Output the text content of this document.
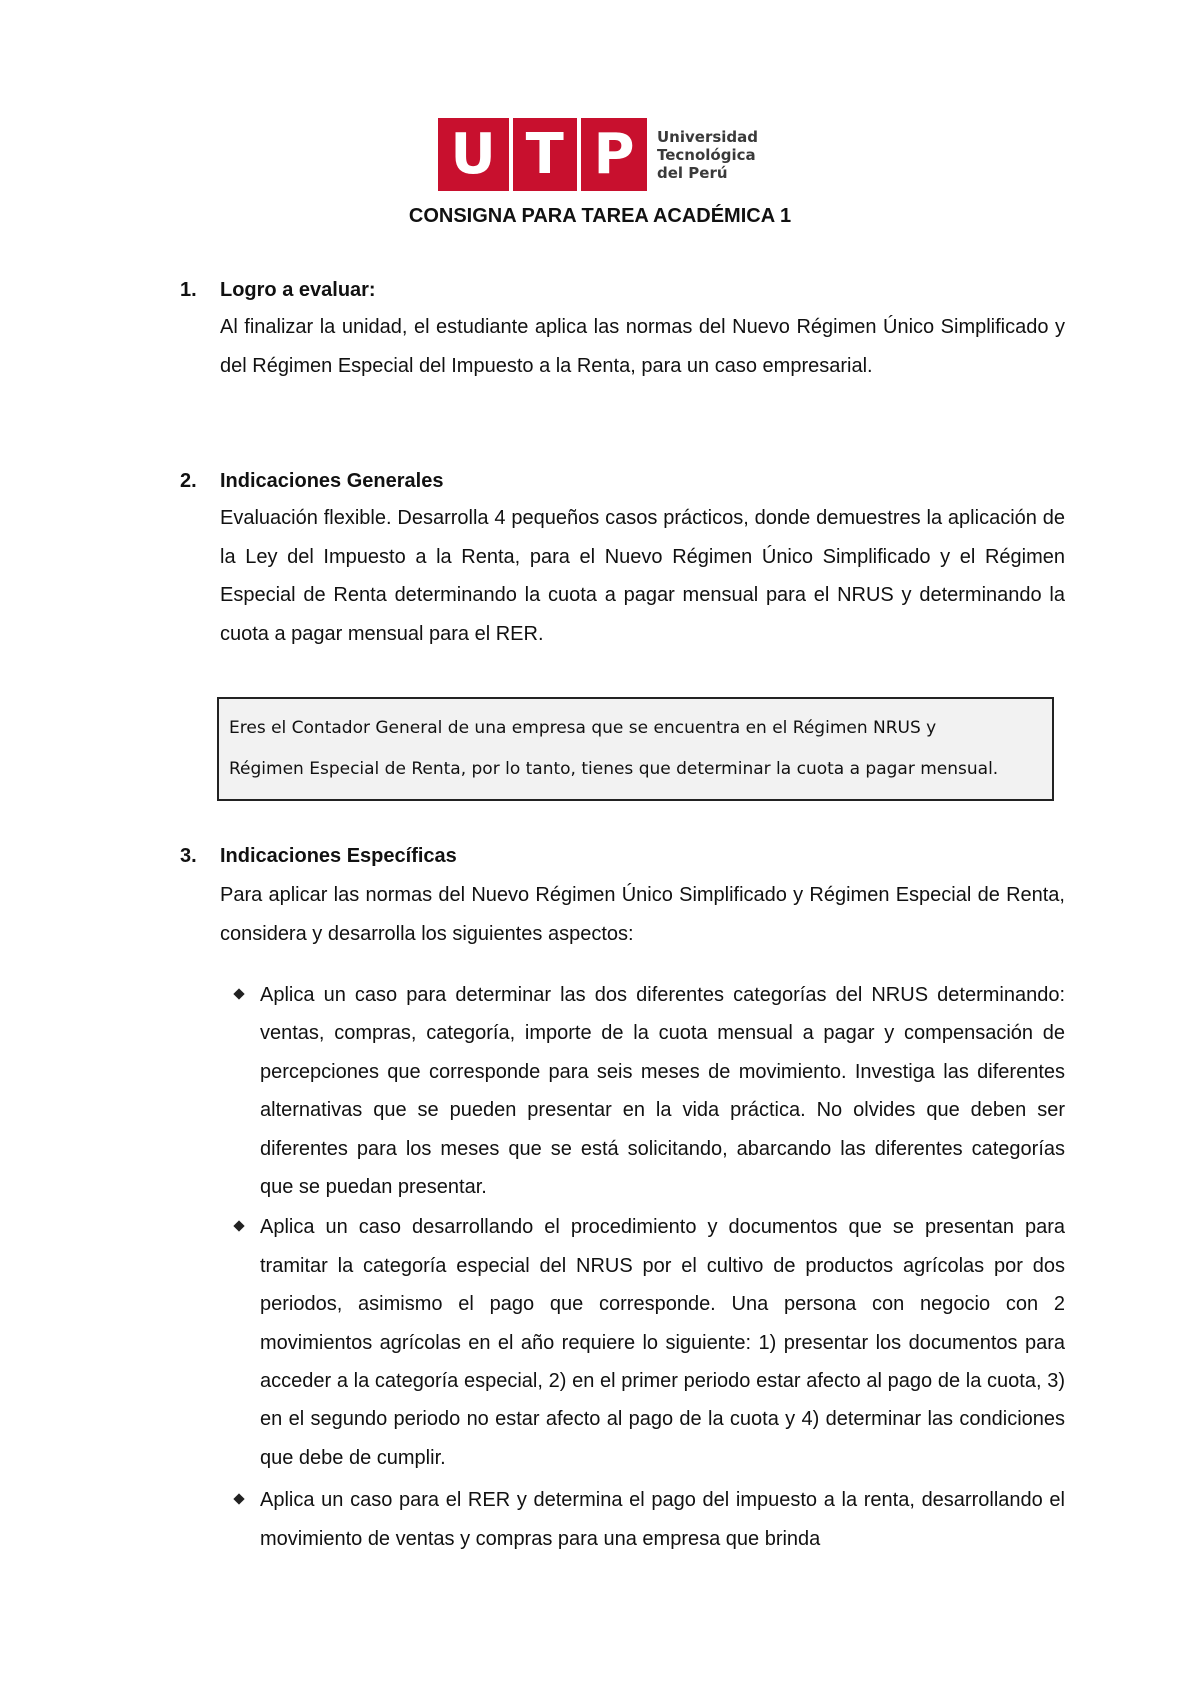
U T P Universidad
Tecnológica
del Perú
CONSIGNA PARA TAREA ACADÉMICA 1
1.	Logro a evaluar:
Al finalizar la unidad, el estudiante aplica las normas del Nuevo Régimen Único Simplificado y del Régimen Especial del Impuesto a la Renta, para un caso empresarial.
2.	Indicaciones Generales
Evaluación flexible. Desarrolla 4 pequeños casos prácticos, donde demuestres la aplicación de la Ley del Impuesto a la Renta, para el Nuevo Régimen Único Simplificado y el Régimen Especial de Renta determinando la cuota a pagar mensual para el NRUS y determinando la cuota a pagar mensual para el RER.
Eres el Contador General de una empresa que se encuentra en el Régimen NRUS y
Régimen Especial de Renta, por lo tanto, tienes que determinar la cuota a pagar mensual.
3.	Indicaciones Específicas
Para aplicar las normas del Nuevo Régimen Único Simplificado y Régimen Especial de Renta, considera y desarrolla los siguientes aspectos:
Aplica un caso para determinar las dos diferentes categorías del NRUS determinando: ventas, compras, categoría, importe de la cuota mensual a pagar y compensación de percepciones que corresponde para seis meses de movimiento. Investiga las diferentes alternativas que se pueden presentar en la vida práctica. No olvides que deben ser diferentes para los meses que se está solicitando, abarcando las diferentes categorías que se puedan presentar.
Aplica un caso desarrollando el procedimiento y documentos que se presentan para tramitar la categoría especial del NRUS por el cultivo de productos agrícolas por dos periodos, asimismo el pago que corresponde. Una persona con negocio con 2 movimientos agrícolas en el año requiere lo siguiente: 1) presentar los documentos para acceder a la categoría especial, 2) en el primer periodo estar afecto al pago de la cuota, 3) en el segundo periodo no estar afecto al pago de la cuota y 4) determinar las condiciones que debe de cumplir.
Aplica un caso para el RER y determina el pago del impuesto a la renta, desarrollando el movimiento de ventas y compras para una empresa que brinda
